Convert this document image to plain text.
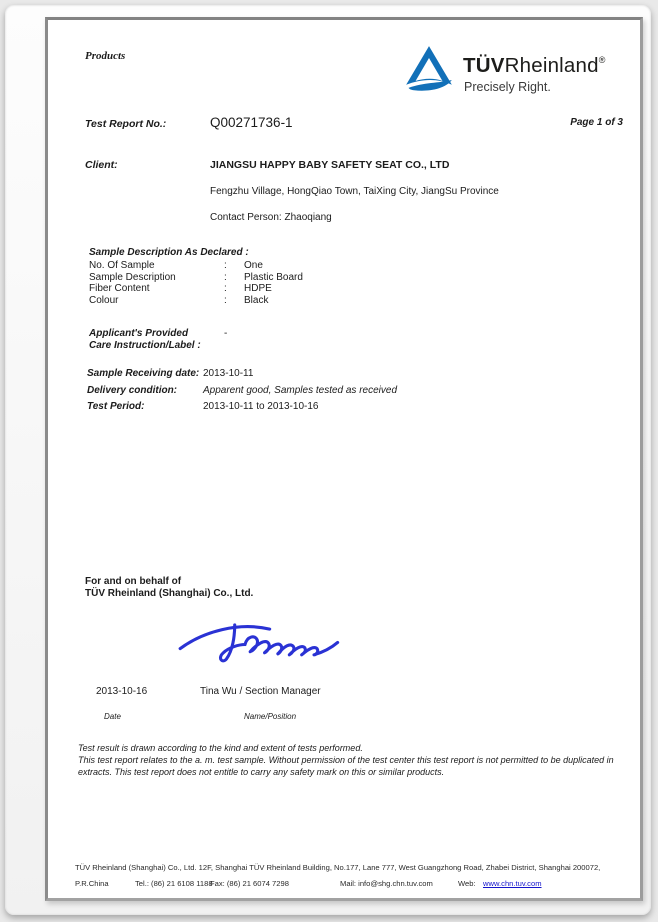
Products	TÜVRheinland®
Precisely Right.
Test Report No.:	Q00271736-1	Page 1 of 3
Client:	JIANGSU HAPPY BABY SAFETY SEAT CO., LTD
Fengzhu Village, HongQiao Town, TaiXing City, JiangSu Province
Contact Person: Zhaoqiang
Sample Description As Declared :
No. Of Sample	:	One
Sample Description	:	Plastic Board
Fiber Content	:	HDPE
Colour	:	Black
Applicant's Provided	-
Care Instruction/Label :
Sample Receiving date: 2013-10-11
Delivery condition:	Apparent good, Samples tested as received
Test Period:	2013-10-11 to 2013-10-16
For and on behalf of
TÜV Rheinland (Shanghai) Co., Ltd.
2013-10-16	Tina Wu / Section Manager
Date	Name/Position
Test result is drawn according to the kind and extent of tests performed.
This test report relates to the a. m. test sample. Without permission of the test center this test report is not permitted to be duplicated in extracts. This test report does not entitle to carry any safety mark on this or similar products.
TÜV Rheinland (Shanghai) Co., Ltd. 12F, Shanghai TÜV Rheinland Building, No.177, Lane 777, West Guangzhong Road, Zhabei District, Shanghai 200072,
P.R.China	Tel.: (86) 21 6108 1188
Fax: (86) 21 6074 7298	Mail: info@shg.chn.tuv.com	Web: www.chn.tuv.com
